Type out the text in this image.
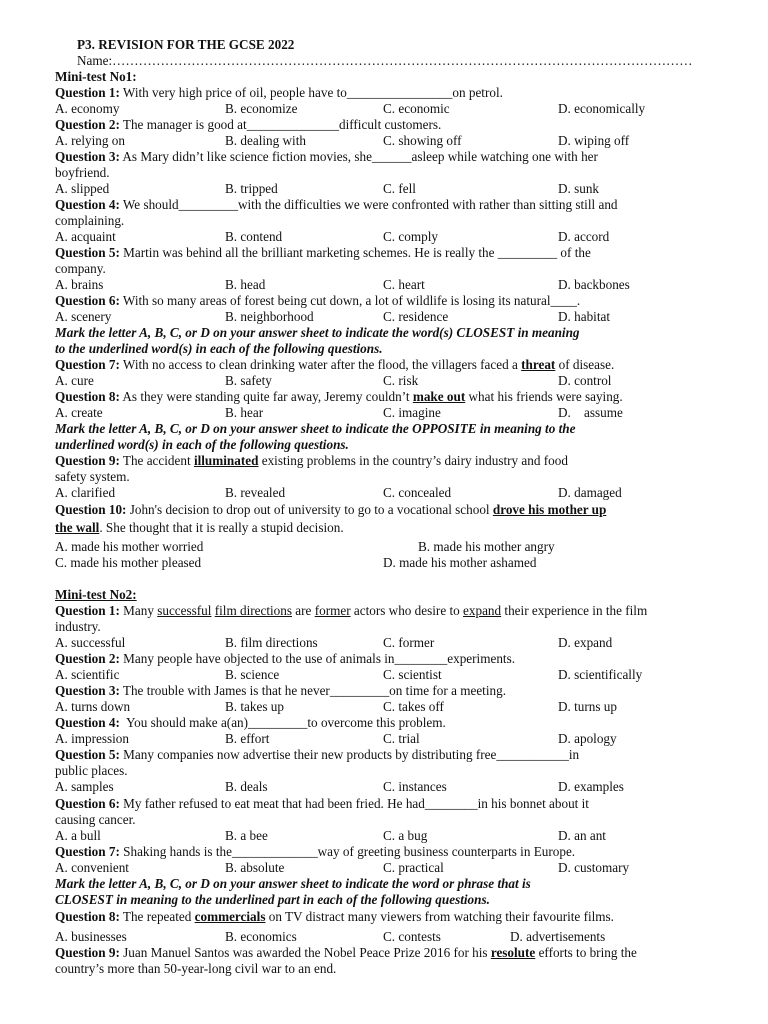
P3. REVISION FOR THE GCSE 2022
Name:……………………………………………………………………………………………………………………
Mini-test No1:
Question 1: With very high price of oil, people have to________________on petrol.
A. economy	B. economize	C. economic	D. economically
Question 2: The manager is good at______________difficult customers.
A. relying on	B. dealing with	C. showing off	D. wiping off
Question 3: As Mary didn’t like science fiction movies, she______asleep while watching one with her
boyfriend.
A. slipped	B. tripped	C. fell	D. sunk
Question 4: We should_________with the difficulties we were confronted with rather than sitting still and
complaining.
A. acquaint	B. contend	C. comply	D. accord
Question 5: Martin was behind all the brilliant marketing schemes. He is really the _________ of the
company.
A. brains	B. head	C. heart	D. backbones
Question 6: With so many areas of forest being cut down, a lot of wildlife is losing its natural____.
A. scenery	B. neighborhood	C. residence	D. habitat
Mark the letter A, B, C, or D on your answer sheet to indicate the word(s) CLOSEST in meaning
to the underlined word(s) in each of the following questions.
Question 7: With no access to clean drinking water after the flood, the villagers faced a threat of disease.
A. cure	B. safety	C. risk	D. control
Question 8: As they were standing quite far away, Jeremy couldn’t make out what his friends were saying.
A. create	B. hear	C. imagine	D.    assume
Mark the letter A, B, C, or D on your answer sheet to indicate the OPPOSITE in meaning to the
underlined word(s) in each of the following questions.
Question 9: The accident illuminated existing problems in the country’s dairy industry and food
safety system.
A. clarified	B. revealed	C. concealed	D. damaged
Question 10: John's decision to drop out of university to go to a vocational school drove his mother up
the wall. She thought that it is really a stupid decision.
A. made his mother worried	B. made his mother angry
C. made his mother pleased	D. made his mother ashamed
Mini-test No2:
Question 1: Many successful film directions are former actors who desire to expand their experience in the film
industry.
A. successful	B. film directions	C. former	D. expand
Question 2: Many people have objected to the use of animals in________experiments.
A. scientific	B. science	C. scientist	D. scientifically
Question 3: The trouble with James is that he never_________on time for a meeting.
A. turns down	B. takes up	C. takes off	D. turns up
Question 4:  You should make a(an)_________to overcome this problem.
A. impression	B. effort	C. trial	D. apology
Question 5: Many companies now advertise their new products by distributing free___________in
public places.
A. samples	B. deals	C. instances	D. examples
Question 6: My father refused to eat meat that had been fried. He had________in his bonnet about it
causing cancer.
A. a bull	B. a bee	C. a bug	D. an ant
Question 7: Shaking hands is the_____________way of greeting business counterparts in Europe.
A. convenient	B. absolute	C. practical	D. customary
Mark the letter A, B, C, or D on your answer sheet to indicate the word or phrase that is
CLOSEST in meaning to the underlined part in each of the following questions.
Question 8: The repeated commercials on TV distract many viewers from watching their favourite films.
A. businesses	B. economics	C. contests	D. advertisements
Question 9: Juan Manuel Santos was awarded the Nobel Peace Prize 2016 for his resolute efforts to bring the
country’s more than 50-year-long civil war to an end.
